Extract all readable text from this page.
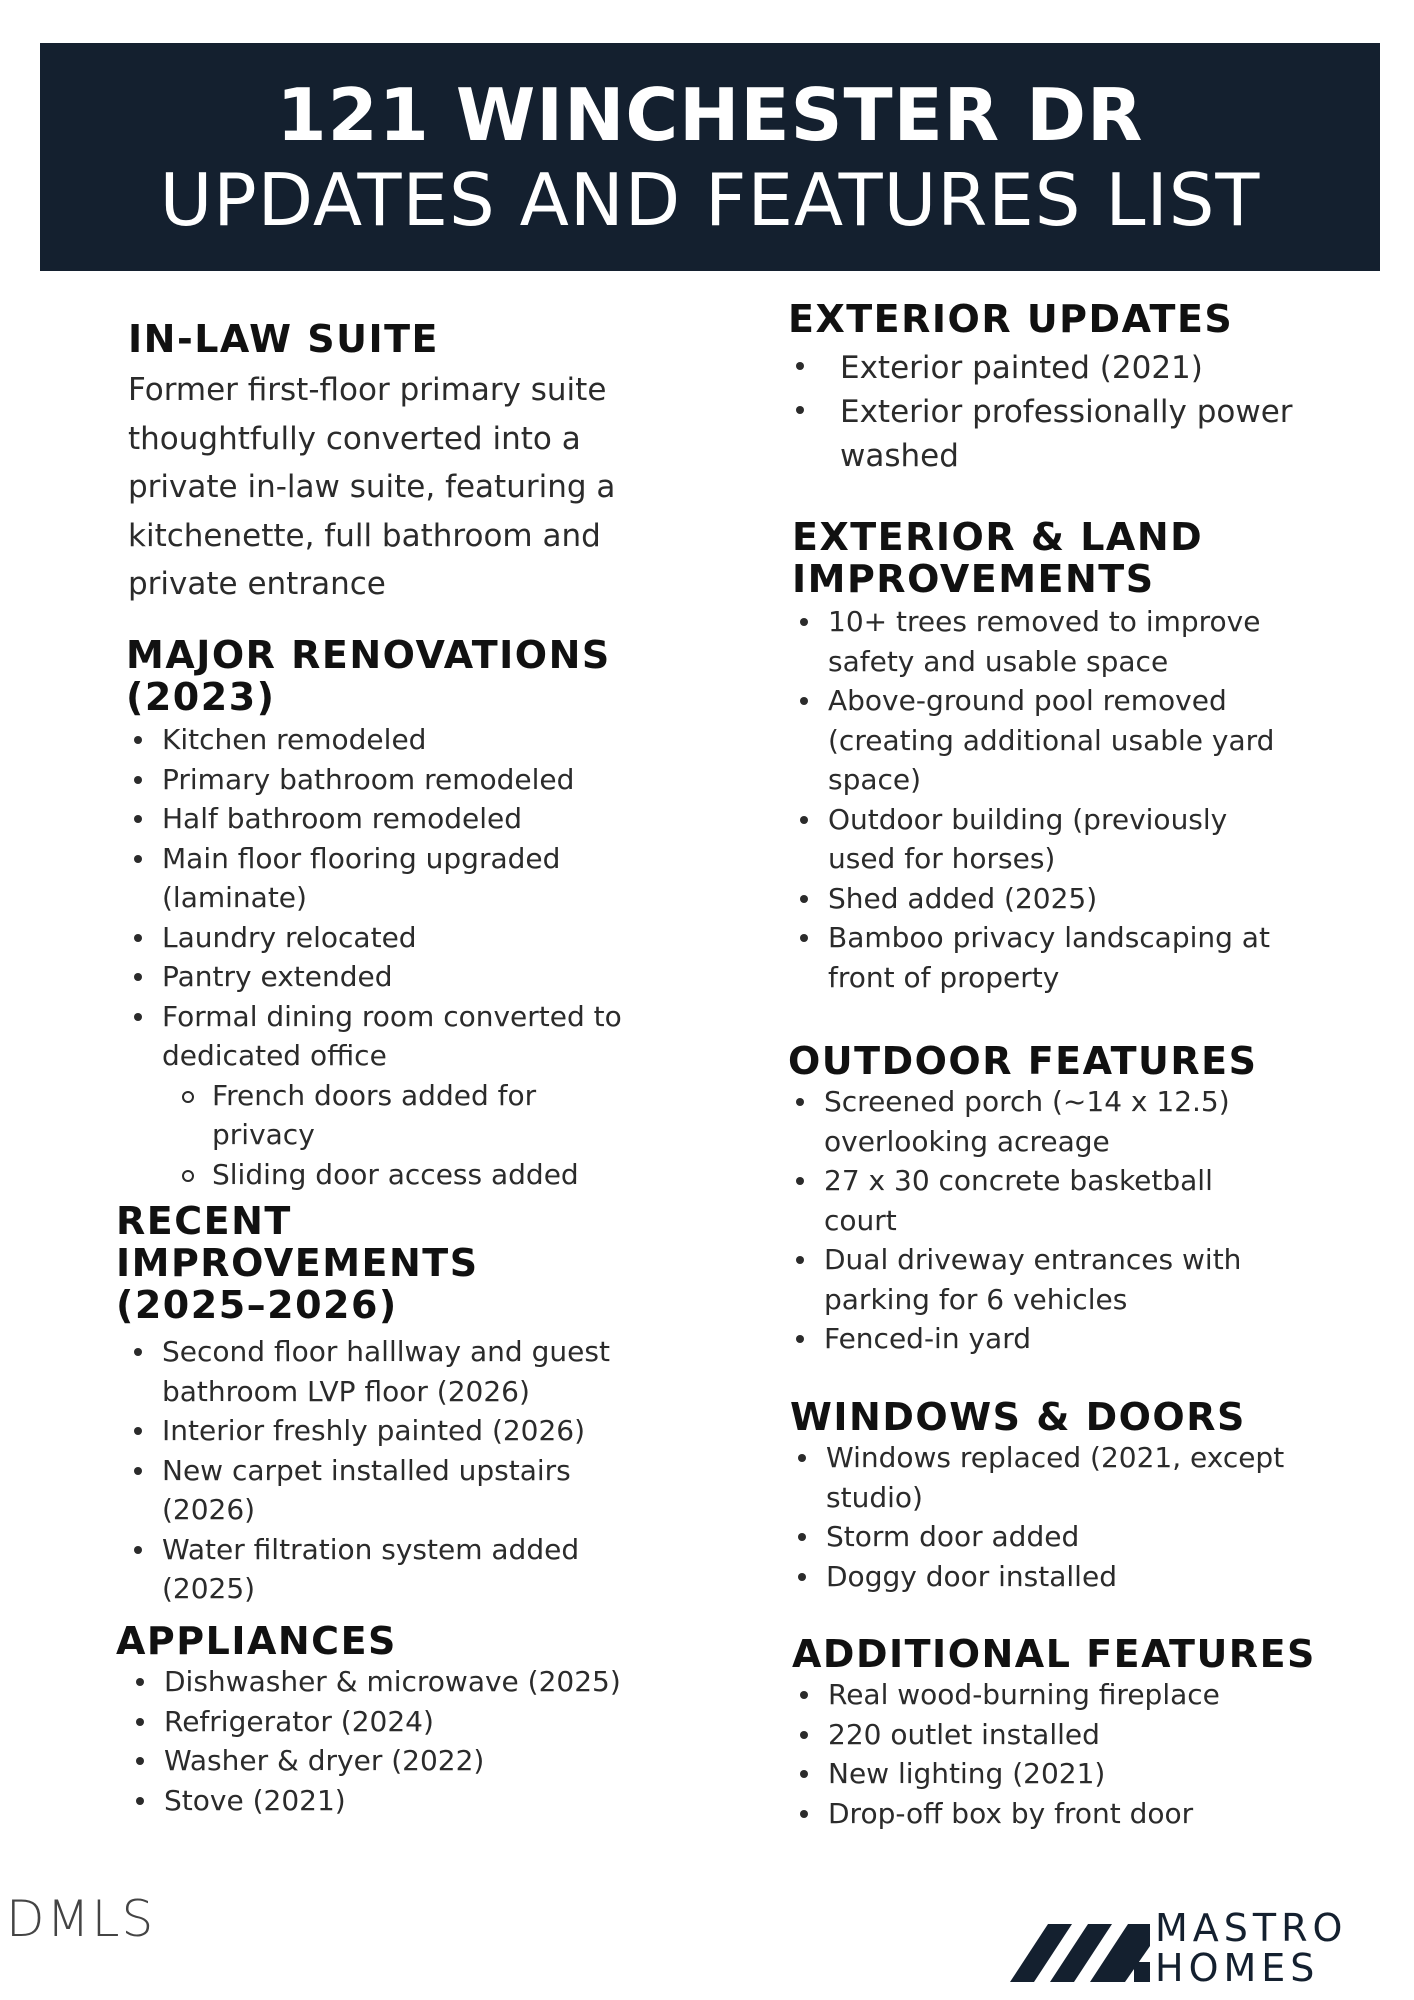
121 WINCHESTER DR
UPDATES AND FEATURES LIST
IN-LAW SUITE

Former first-floor primary suite thoughtfully converted into a private in-law suite, featuring a kitchenette, full bathroom and private entrance

MAJOR RENOVATIONS (2023)
Kitchen remodeled
Primary bathroom remodeled
Half bathroom remodeled
Main floor flooring upgraded (laminate)
Laundry relocated
Pantry extended
Formal dining room converted to dedicated office
French doors added for privacy
Sliding door access added
RECENT IMPROVEMENTS (2025–2026)
Second floor halllway and guest bathroom LVP floor (2026)
Interior freshly painted (2026)
New carpet installed upstairs (2026)
Water filtration system added (2025)
APPLIANCES
Dishwasher & microwave (2025)
Refrigerator (2024)
Washer & dryer (2022)
Stove (2021)
EXTERIOR UPDATES
Exterior painted (2021)
Exterior professionally power washed
EXTERIOR & LAND IMPROVEMENTS
10+ trees removed to improve safety and usable space
Above-ground pool removed (creating additional usable yard space)
Outdoor building (previously used for horses)
Shed added (2025)
Bamboo privacy landscaping at front of property
OUTDOOR FEATURES
Screened porch (~14 x 12.5) overlooking acreage
27 x 30 concrete basketball court
Dual driveway entrances with parking for 6 vehicles
Fenced-in yard
WINDOWS & DOORS
Windows replaced (2021, except studio)
Storm door added
Doggy door installed
ADDITIONAL FEATURES
Real wood-burning fireplace
220 outlet installed
New lighting (2021)
Drop-off box by front door
DMLS	MASTRO
HOMES
